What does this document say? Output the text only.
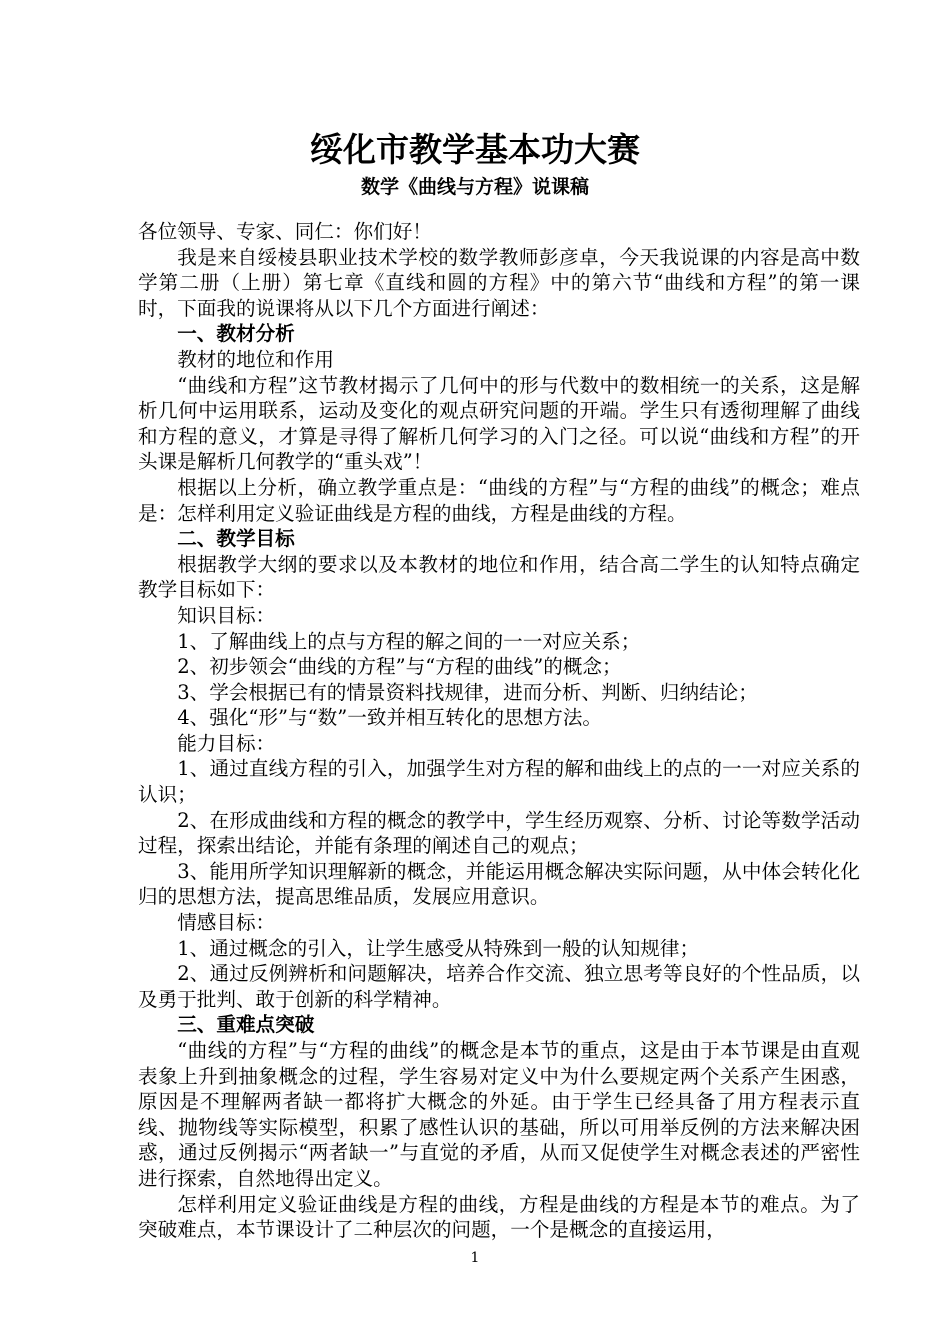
绥化市教学基本功大赛
数学《曲线与方程》说课稿

各位领导、专家、同仁：你们好！

我是来自绥棱县职业技术学校的数学教师彭彦卓，今天我说课的内容是高中数学第二册（上册）第七章《直线和圆的方程》中的第六节“曲线和方程”的第一课时，下面我的说课将从以下几个方面进行阐述：

一、教材分析

教材的地位和作用

“曲线和方程”这节教材揭示了几何中的形与代数中的数相统一的关系，这是解析几何中运用联系，运动及变化的观点研究问题的开端。学生只有透彻理解了曲线和方程的意义，才算是寻得了解析几何学习的入门之径。可以说“曲线和方程”的开头课是解析几何教学的“重头戏”！

根据以上分析，确立教学重点是：“曲线的方程”与“方程的曲线”的概念；难点是：怎样利用定义验证曲线是方程的曲线，方程是曲线的方程。

二、教学目标

根据教学大纲的要求以及本教材的地位和作用，结合高二学生的认知特点确定教学目标如下：

知识目标：

1、了解曲线上的点与方程的解之间的一一对应关系；

2、初步领会“曲线的方程”与“方程的曲线”的概念；

3、学会根据已有的情景资料找规律，进而分析、判断、归纳结论；

4、强化“形”与“数”一致并相互转化的思想方法。

能力目标：

1、通过直线方程的引入，加强学生对方程的解和曲线上的点的一一对应关系的认识；

2、在形成曲线和方程的概念的教学中，学生经历观察、分析、讨论等数学活动过程，探索出结论，并能有条理的阐述自己的观点；

3、能用所学知识理解新的概念，并能运用概念解决实际问题，从中体会转化化归的思想方法，提高思维品质，发展应用意识。

情感目标：

1、通过概念的引入，让学生感受从特殊到一般的认知规律；

2、通过反例辨析和问题解决，培养合作交流、独立思考等良好的个性品质，以及勇于批判、敢于创新的科学精神。

三、重难点突破

“曲线的方程”与“方程的曲线”的概念是本节的重点，这是由于本节课是由直观表象上升到抽象概念的过程，学生容易对定义中为什么要规定两个关系产生困惑，原因是不理解两者缺一都将扩大概念的外延。由于学生已经具备了用方程表示直线、抛物线等实际模型，积累了感性认识的基础，所以可用举反例的方法来解决困惑，通过反例揭示“两者缺一”与直觉的矛盾，从而又促使学生对概念表述的严密性进行探索，自然地得出定义。

怎样利用定义验证曲线是方程的曲线，方程是曲线的方程是本节的难点。为了突破难点，本节课设计了二种层次的问题，一个是概念的直接运用，

1
